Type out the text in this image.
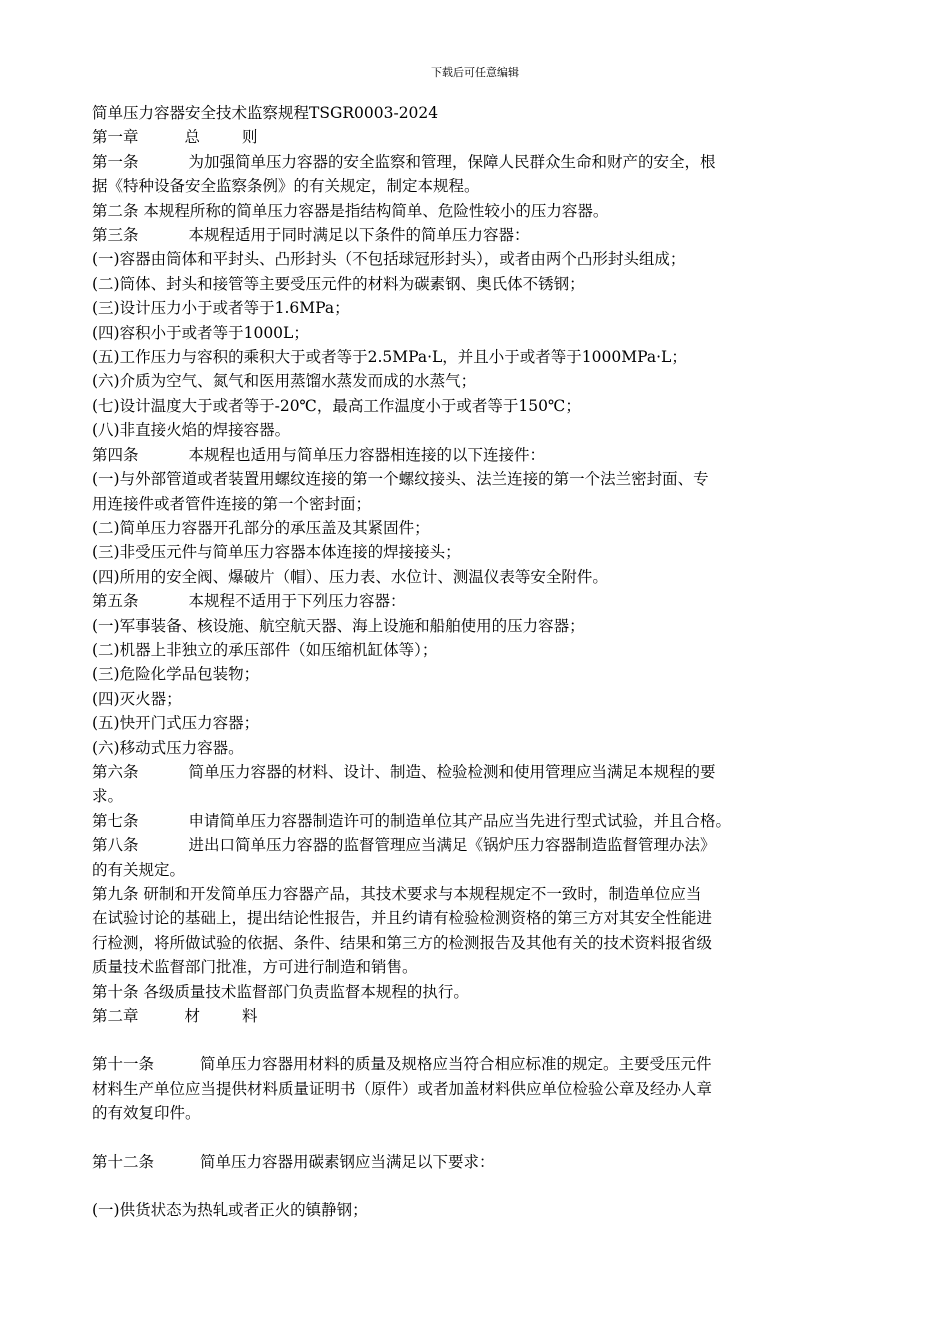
下载后可任意编辑
简单压力容器安全技术监察规程TSGR0003-2024
第一章	总	则
第一条	为加强简单压力容器的安全监察和管理，保障人民群众生命和财产的安全，根
据《特种设备安全监察条例》的有关规定，制定本规程。
第二条 本规程所称的简单压力容器是指结构简单、危险性较小的压力容器。
第三条	本规程适用于同时满足以下条件的简单压力容器：
(一)容器由筒体和平封头、凸形封头（不包括球冠形封头），或者由两个凸形封头组成；
(二)筒体、封头和接管等主要受压元件的材料为碳素钢、奥氏体不锈钢；
(三)设计压力小于或者等于1.6MPa；
(四)容积小于或者等于1000L；
(五)工作压力与容积的乘积大于或者等于2.5MPa·L，并且小于或者等于1000MPa·L；
(六)介质为空气、氮气和医用蒸馏水蒸发而成的水蒸气；
(七)设计温度大于或者等于-20℃，最高工作温度小于或者等于150℃；
(八)非直接火焰的焊接容器。
第四条	本规程也适用与简单压力容器相连接的以下连接件：
(一)与外部管道或者装置用螺纹连接的第一个螺纹接头、法兰连接的第一个法兰密封面、专
用连接件或者管件连接的第一个密封面；
(二)简单压力容器开孔部分的承压盖及其紧固件；
(三)非受压元件与简单压力容器本体连接的焊接接头；
(四)所用的安全阀、爆破片（帽）、压力表、水位计、测温仪表等安全附件。
第五条	本规程不适用于下列压力容器：
(一)军事装备、核设施、航空航天器、海上设施和船舶使用的压力容器；
(二)机器上非独立的承压部件（如压缩机缸体等）；
(三)危险化学品包装物；
(四)灭火器；
(五)快开门式压力容器；
(六)移动式压力容器。
第六条	简单压力容器的材料、设计、制造、检验检测和使用管理应当满足本规程的要
求。
第七条	申请简单压力容器制造许可的制造单位其产品应当先进行型式试验，并且合格。
第八条	进出口简单压力容器的监督管理应当满足《锅炉压力容器制造监督管理办法》
的有关规定。
第九条 研制和开发简单压力容器产品，其技术要求与本规程规定不一致时，制造单位应当
在试验讨论的基础上，提出结论性报告，并且约请有检验检测资格的第三方对其安全性能进
行检测，将所做试验的依据、条件、结果和第三方的检测报告及其他有关的技术资料报省级
质量技术监督部门批准，方可进行制造和销售。
第十条 各级质量技术监督部门负责监督本规程的执行。
第二章	材	料
第十一条	简单压力容器用材料的质量及规格应当符合相应标准的规定。主要受压元件
材料生产单位应当提供材料质量证明书（原件）或者加盖材料供应单位检验公章及经办人章
的有效复印件。
第十二条	简单压力容器用碳素钢应当满足以下要求：
(一)供货状态为热轧或者正火的镇静钢；
